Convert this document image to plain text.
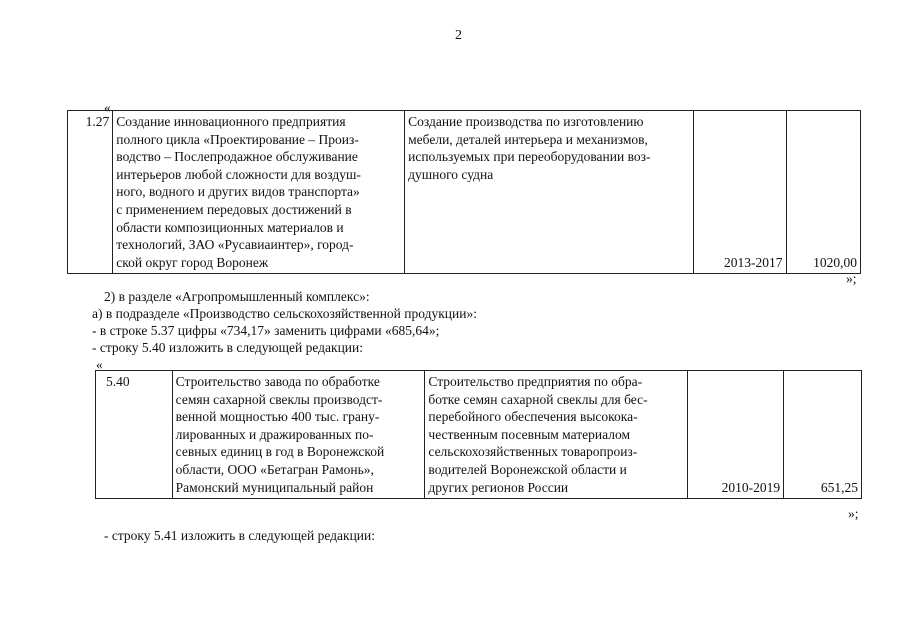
2
«
1.27	Создание инновационного предприятия
полного цикла «Проектирование – Произ-
водство – Послепродажное обслуживание
интерьеров любой сложности для воздуш-
ного, водного и других видов транспорта»
с применением передовых достижений в
области композиционных материалов и
технологий, ЗАО «Русавиаинтер», город-
ской округ город Воронеж	Создание производства по изготовлению
мебели, деталей интерьера и механизмов,
используемых при переоборудовании воз-
душного судна	2013-2017	1020,00
»;
2) в разделе «Агропромышленный комплекс»:
а) в подразделе «Производство сельскохозяйственной продукции»:
- в строке 5.37 цифры «734,17» заменить цифрами «685,64»;
- строку 5.40 изложить в следующей редакции:
«
5.40	Строительство завода по обработке
семян сахарной свеклы производст-
венной мощностью 400 тыс. грану-
лированных и дражированных по-
севных единиц в год в Воронежской
области, ООО «Бетагран Рамонь»,
Рамонский муниципальный район	Строительство предприятия по обра-
ботке семян сахарной свеклы для бес-
перебойного обеспечения высокока-
чественным посевным материалом
сельскохозяйственных товаропроиз-
водителей Воронежской области и
других регионов России	2010-2019	651,25
»;
- строку 5.41 изложить в следующей редакции:
